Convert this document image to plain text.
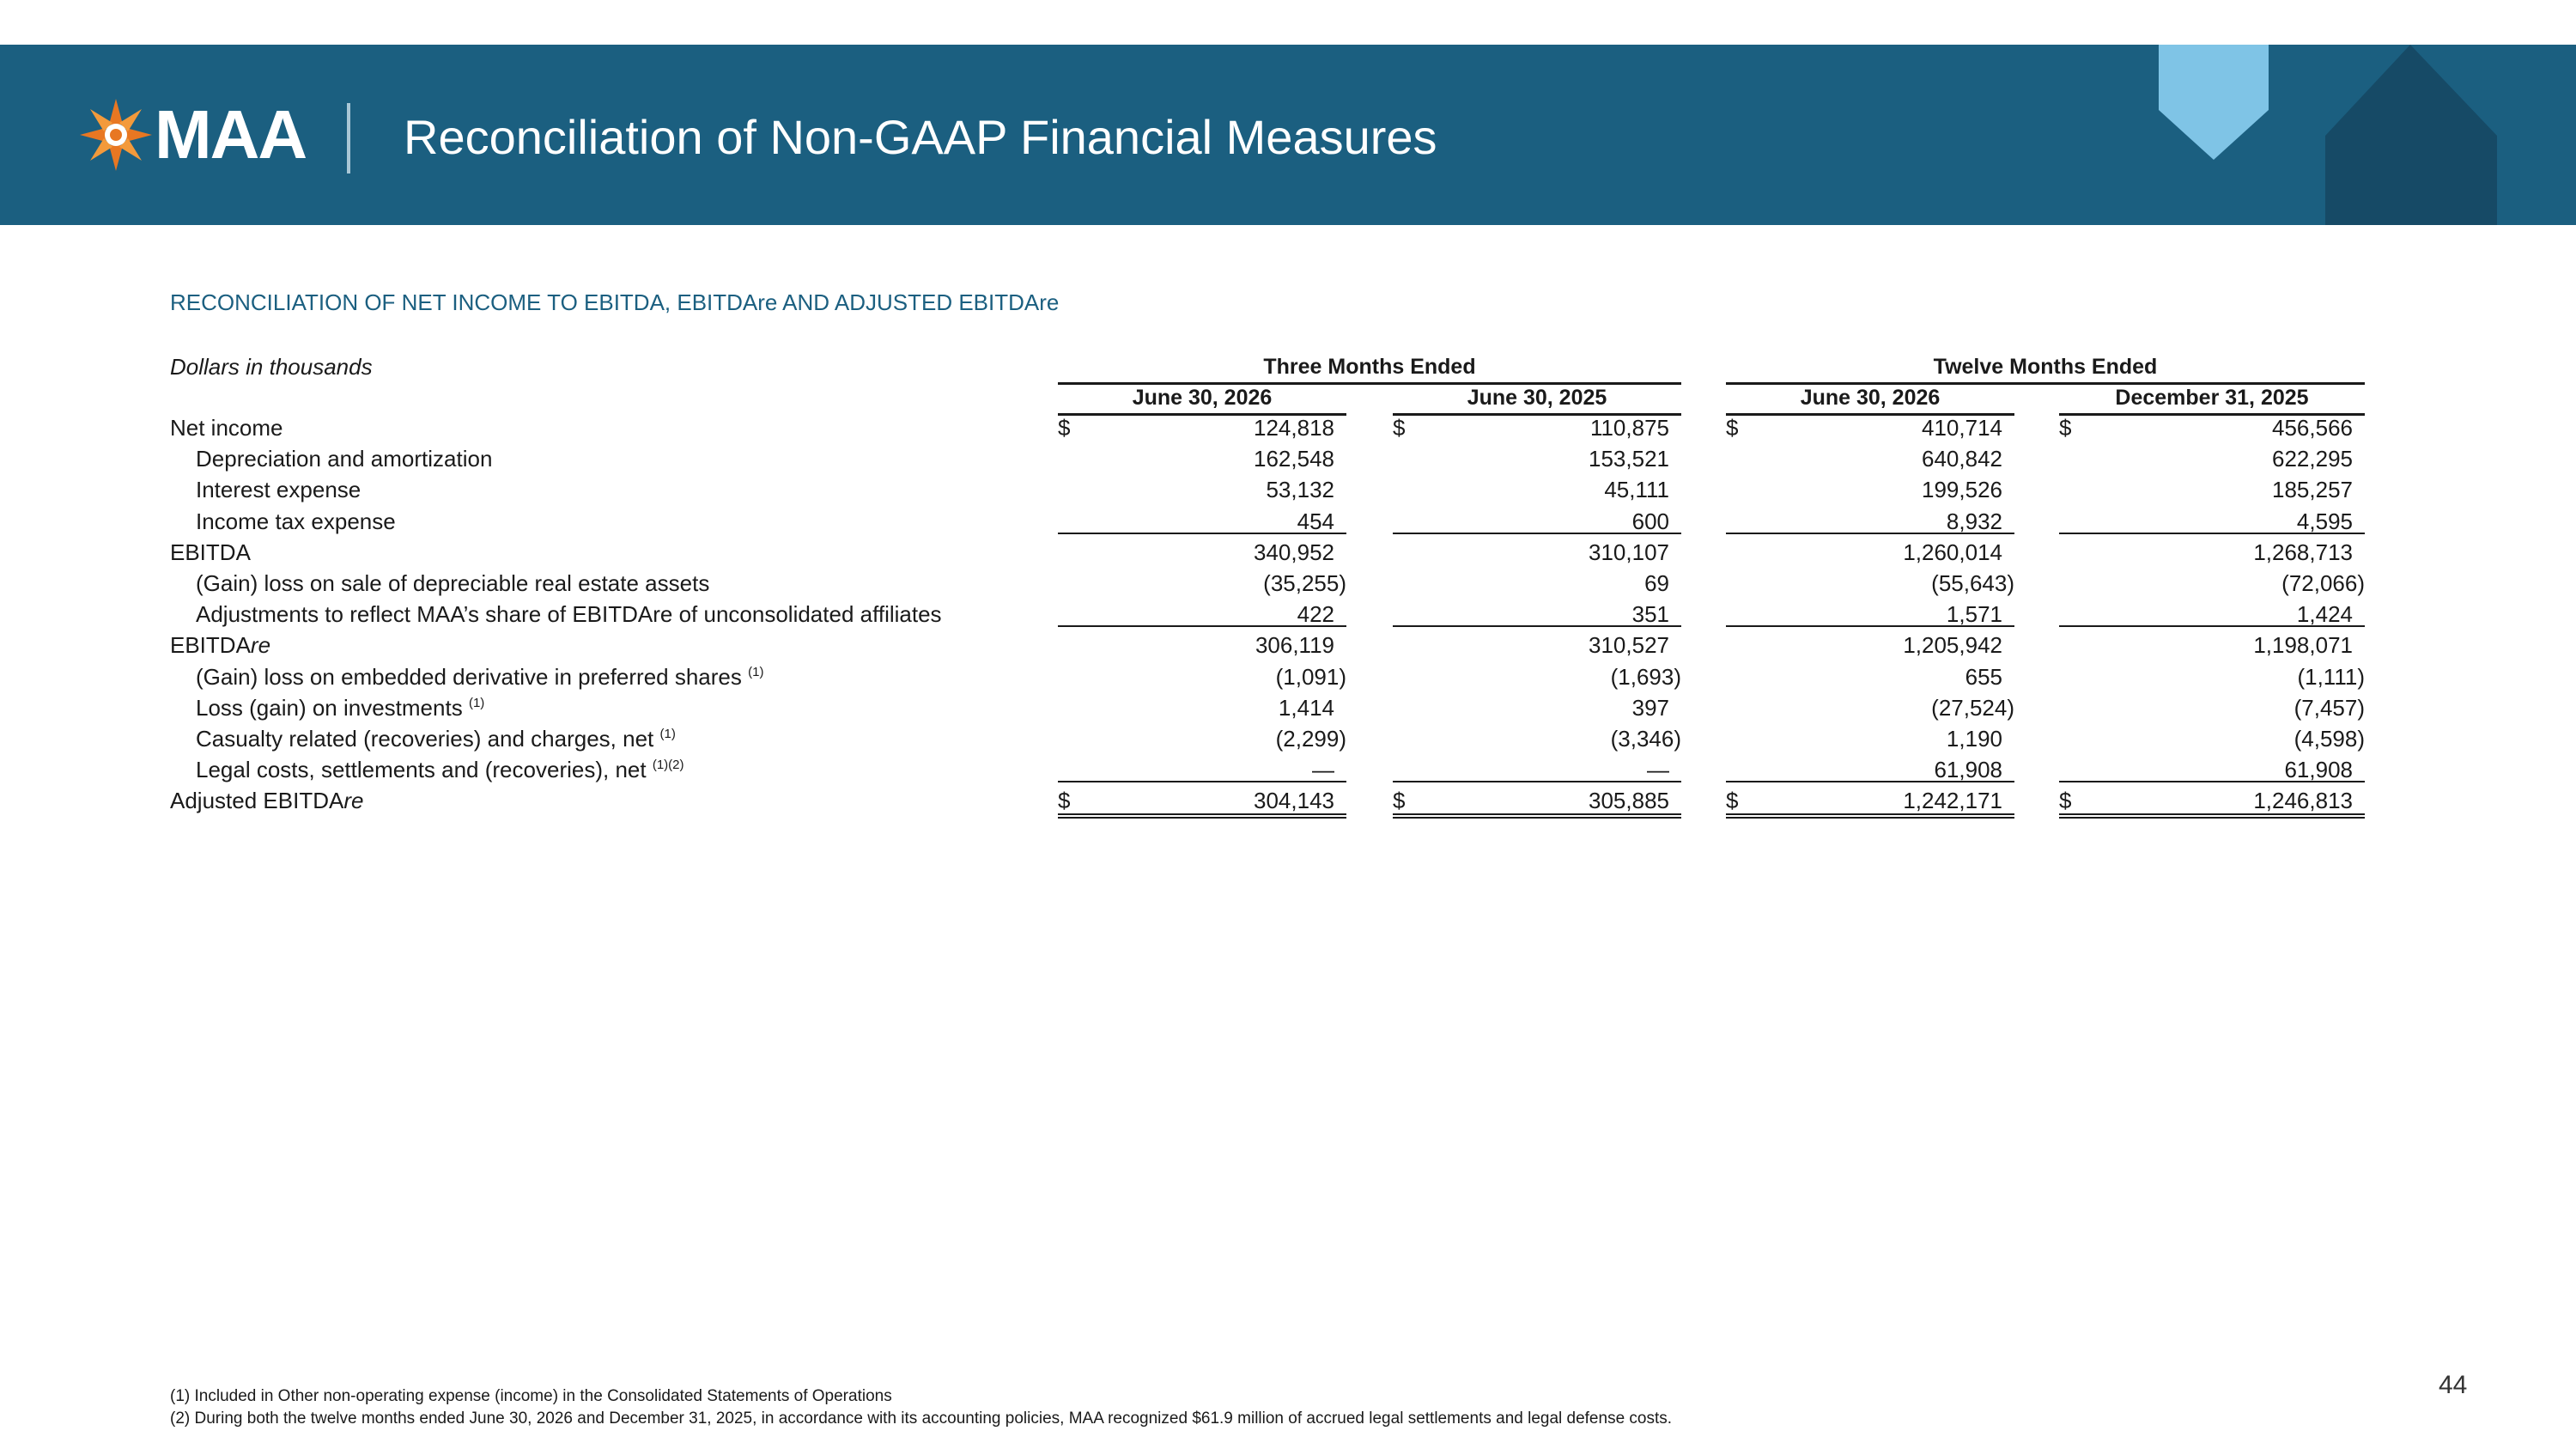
MAA Reconciliation of Non-GAAP Financial Measures
RECONCILIATION OF NET INCOME TO EBITDA, EBITDAre AND ADJUSTED EBITDAre
Dollars in thousands	Three Months Ended	Twelve Months Ended
June 30, 2026	June 30, 2025	June 30, 2026	December 31, 2025
Net income	$	124,818	$	110,875	$	410,714	$	456,566
Depreciation and amortization	162,548	153,521	640,842	622,295
Interest expense	53,132	45,111	199,526	185,257
Income tax expense	454	600	8,932	4,595
EBITDA	340,952	310,107	1,260,014	1,268,713
(Gain) loss on sale of depreciable real estate assets	(35,255)	69	(55,643)	(72,066)
Adjustments to reflect MAA’s share of EBITDAre of unconsolidated affiliates	422	351	1,571	1,424
EBITDAre	306,119	310,527	1,205,942	1,198,071
(Gain) loss on embedded derivative in preferred shares $^{(1)}$	(1,091)	(1,693)	655	(1,111)
Loss (gain) on investments $^{(1)}$	1,414	397	(27,524)	(7,457)
Casualty related (recoveries) and charges, net $^{(1)}$	(2,299)	(3,346)	1,190	(4,598)
Legal costs, settlements and (recoveries), net $^{(1)(2)}$	—	—	61,908	61,908
Adjusted EBITDAre	$	304,143	$	305,885	$	1,242,171	$	1,246,813
(1) Included in Other non-operating expense (income) in the Consolidated Statements of Operations
(2) During both the twelve months ended June 30, 2026 and December 31, 2025, in accordance with its accounting policies, MAA recognized $61.9 million of accrued legal settlements and legal defense costs.
44
